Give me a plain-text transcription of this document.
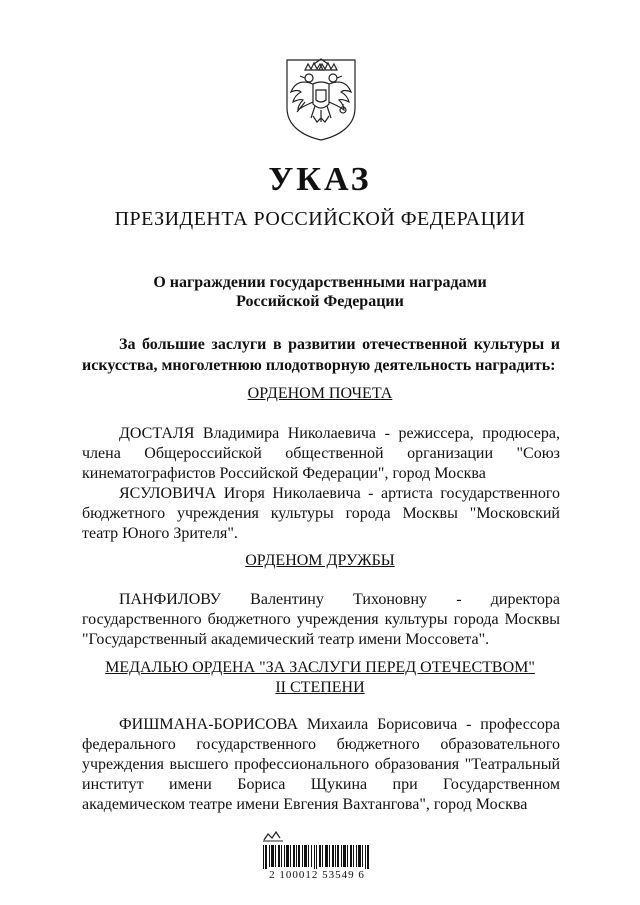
УКАЗ
ПРЕЗИДЕНТА РОССИЙСКОЙ ФЕДЕРАЦИИ
О награждении государственными наградами
Российской Федерации
За большие заслуги в развитии отечественной культуры и искусства, многолетнюю плодотворную деятельность наградить:
ОРДЕНОМ ПОЧЕТА
ДОСТАЛЯ Владимира Николаевича - режиссера, продюсера, члена Общероссийской общественной организации "Союз кинематографистов Российской Федерации", город Москва
ЯСУЛОВИЧА Игоря Николаевича - артиста государственного бюджетного учреждения культуры города Москвы "Московский театр Юного Зрителя".
ОРДЕНОМ ДРУЖБЫ
ПАНФИЛОВУ Валентину Тихоновну - директора государственного бюджетного учреждения культуры города Москвы "Государственный академический театр имени Моссовета".
МЕДАЛЬЮ ОРДЕНА "ЗА ЗАСЛУГИ ПЕРЕД ОТЕЧЕСТВОМ"
II СТЕПЕНИ
ФИШМАНА-БОРИСОВА Михаила Борисовича - профессора федерального государственного бюджетного образовательного учреждения высшего профессионального образования "Театральный институт имени Бориса Щукина при Государственном академическом театре имени Евгения Вахтангова", город Москва
2 100012 53549 6
